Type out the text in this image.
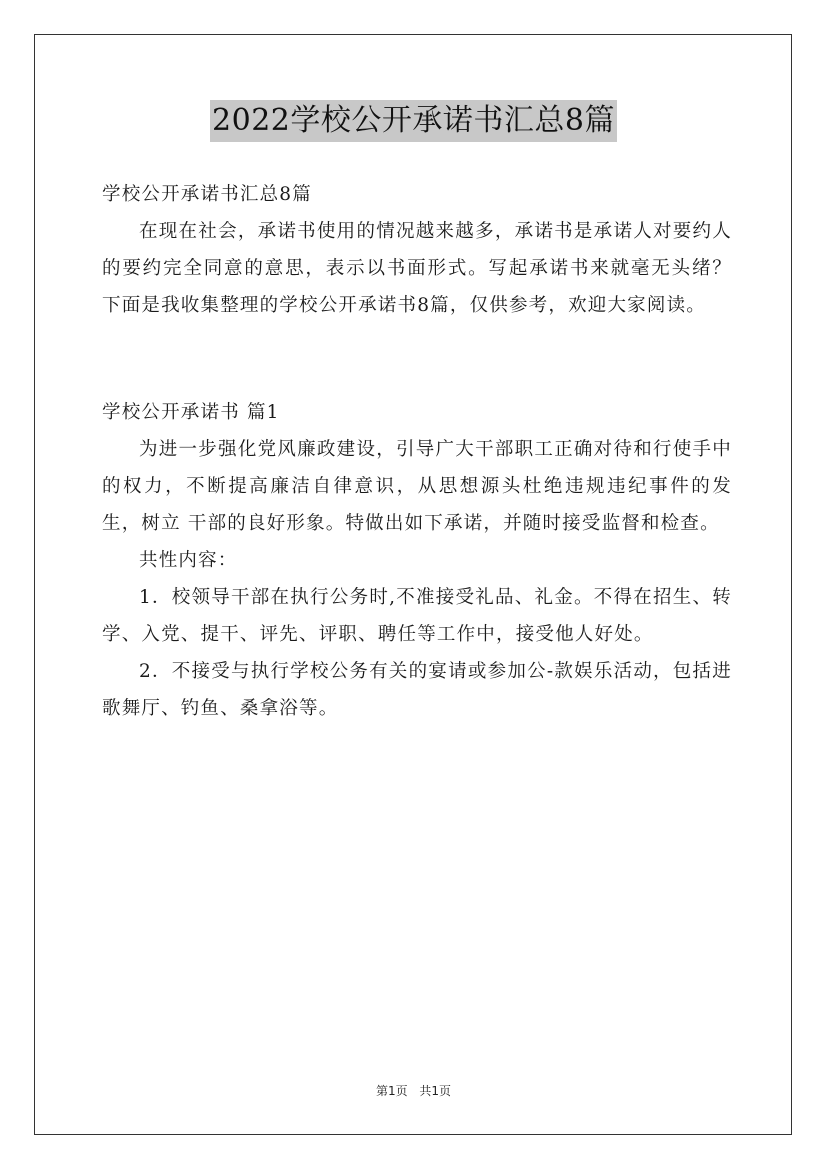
2022学校公开承诺书汇总8篇

学校公开承诺书汇总8篇

在现在社会，承诺书使用的情况越来越多，承诺书是承诺人对要约人的要约完全同意的意思，表示以书面形式。写起承诺书来就毫无头绪？下面是我收集整理的学校公开承诺书8篇，仅供参考，欢迎大家阅读。

学校公开承诺书 篇1

为进一步强化党风廉政建设，引导广大干部职工正确对待和行使手中的权力，不断提高廉洁自律意识，从思想源头杜绝违规违纪事件的发生，树立 干部的良好形象。特做出如下承诺，并随时接受监督和检查。

共性内容：

1．校领导干部在执行公务时,不准接受礼品、礼金。不得在招生、转学、入党、提干、评先、评职、聘任等工作中，接受他人好处。

2．不接受与执行学校公务有关的宴请或参加公-款娱乐活动，包括进歌舞厅、钓鱼、桑拿浴等。

第1页 共1页
